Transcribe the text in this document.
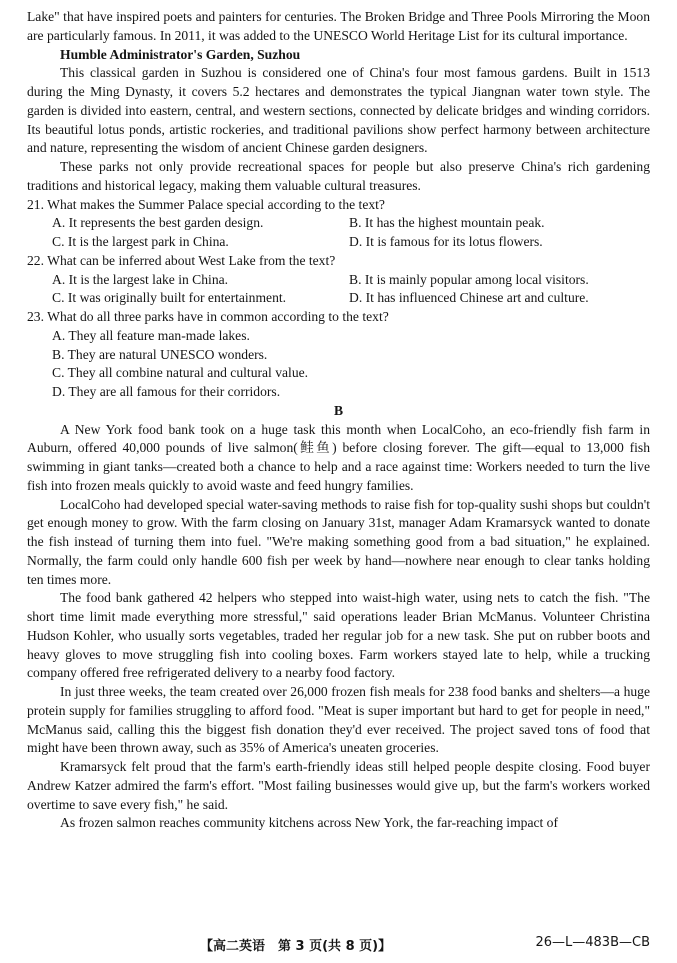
Lake" that have inspired poets and painters for centuries. The Broken Bridge and Three Pools Mirroring the Moon are particularly famous. In 2011, it was added to the UNESCO World Heritage List for its cultural importance.

Humble Administrator's Garden, Suzhou

This classical garden in Suzhou is considered one of China's four most famous gardens. Built in 1513 during the Ming Dynasty, it covers 5.2 hectares and demonstrates the typical Jiangnan water town style. The garden is divided into eastern, central, and western sections, connected by delicate bridges and winding corridors. Its beautiful lotus ponds, artistic rockeries, and traditional pavilions show perfect harmony between architecture and nature, representing the wisdom of ancient Chinese garden designers.

These parks not only provide recreational spaces for people but also preserve China's rich gardening traditions and historical legacy, making them valuable cultural treasures.

21. What makes the Summer Palace special according to the text?

A. It represents the best garden design.	B. It has the highest mountain peak.
C. It is the largest park in China.	D. It is famous for its lotus flowers.

22. What can be inferred about West Lake from the text?

A. It is the largest lake in China.	B. It is mainly popular among local visitors.
C. It was originally built for entertainment.	D. It has influenced Chinese art and culture.

23. What do all three parks have in common according to the text?

A. They all feature man-made lakes.
B. They are natural UNESCO wonders.
C. They all combine natural and cultural value.
D. They are all famous for their corridors.

B

A New York food bank took on a huge task this month when LocalCoho, an eco-friendly fish farm in Auburn, offered 40,000 pounds of live salmon(鲑鱼) before closing forever. The gift—equal to 13,000 fish swimming in giant tanks—created both a chance to help and a race against time: Workers needed to turn the live fish into frozen meals quickly to avoid waste and feed hungry families.

LocalCoho had developed special water-saving methods to raise fish for top-quality sushi shops but couldn't get enough money to grow. With the farm closing on January 31st, manager Adam Kramarsyck wanted to donate the fish instead of turning them into fuel. "We're making something good from a bad situation," he explained. Normally, the farm could only handle 600 fish per week by hand—nowhere near enough to clear tanks holding ten times more.

The food bank gathered 42 helpers who stepped into waist-high water, using nets to catch the fish. "The short time limit made everything more stressful," said operations leader Brian McManus. Volunteer Christina Hudson Kohler, who usually sorts vegetables, traded her regular job for a new task. She put on rubber boots and heavy gloves to move struggling fish into cooling boxes. Farm workers stayed late to help, while a trucking company offered free refrigerated delivery to a nearby food factory.

In just three weeks, the team created over 26,000 frozen fish meals for 238 food banks and shelters—a huge protein supply for families struggling to afford food. "Meat is super important but hard to get for people in need," McManus said, calling this the biggest fish donation they'd ever received. The project saved tons of food that might have been thrown away, such as 35% of America's uneaten groceries.

Kramarsyck felt proud that the farm's earth-friendly ideas still helped people despite closing. Food buyer Andrew Katzer admired the farm's effort. "Most failing businesses would give up, but the farm's workers worked overtime to save every fish," he said.

As frozen salmon reaches community kitchens across New York, the far-reaching impact of

【高二英语　第 3 页(共 8 页)】	26—L—483B—CB
